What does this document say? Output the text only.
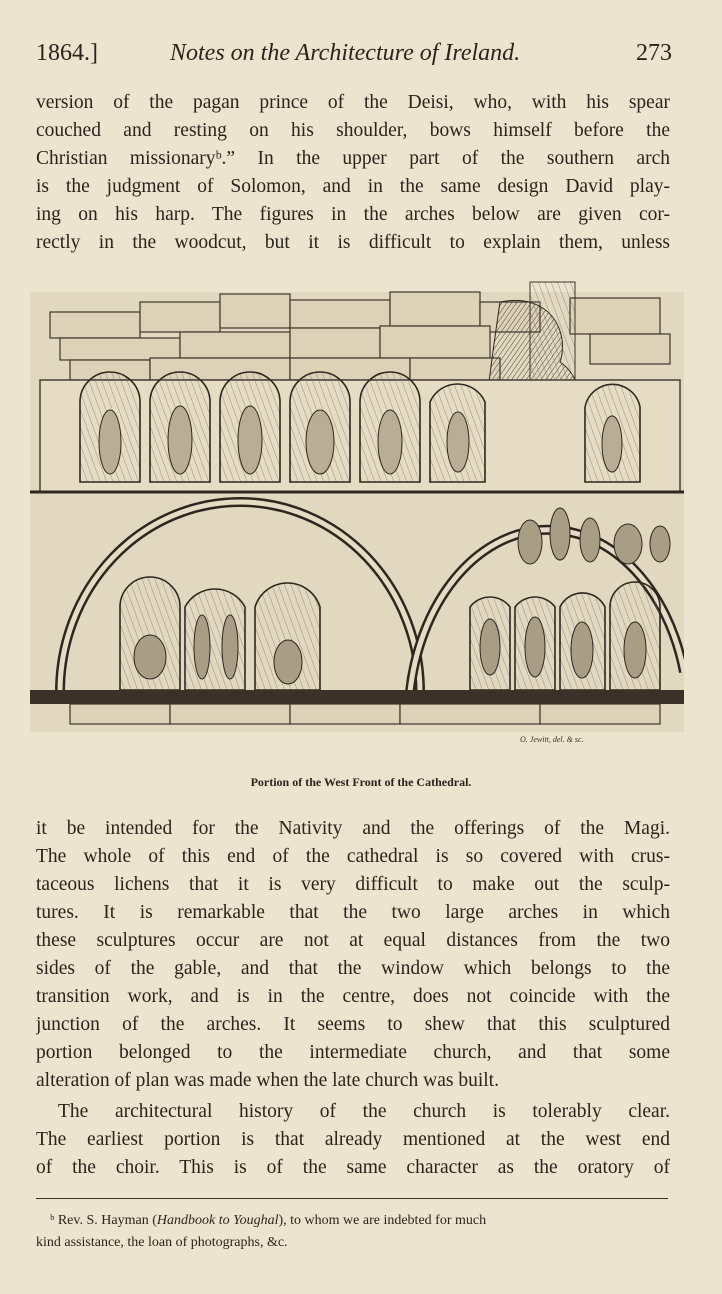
1864.]	Notes on the Architecture of Ireland.	273
version of the pagan prince of the Deisi, who, with his spear
couched and resting on his shoulder, bows himself before the
Christian missionaryᵇ.” In the upper part of the southern arch
is the judgment of Solomon, and in the same design David play-
ing on his harp. The figures in the arches below are given cor-
rectly in the woodcut, but it is difficult to explain them, unless
O. Jewitt, del. & sc.
Portion of the West Front of the Cathedral.
it be intended for the Nativity and the offerings of the Magi.
The whole of this end of the cathedral is so covered with crus-
taceous lichens that it is very difficult to make out the sculp-
tures. It is remarkable that the two large arches in which
these sculptures occur are not at equal distances from the two
sides of the gable, and that the window which belongs to the
transition work, and is in the centre, does not coincide with the
junction of the arches. It seems to shew that this sculptured
portion belonged to the intermediate church, and that some
alteration of plan was made when the late church was built.
The architectural history of the church is tolerably clear.
The earliest portion is that already mentioned at the west end
of the choir. This is of the same character as the oratory of
ᵇ Rev. S. Hayman (Handbook to Youghal), to whom we are indebted for much
kind assistance, the loan of photographs, &c.
